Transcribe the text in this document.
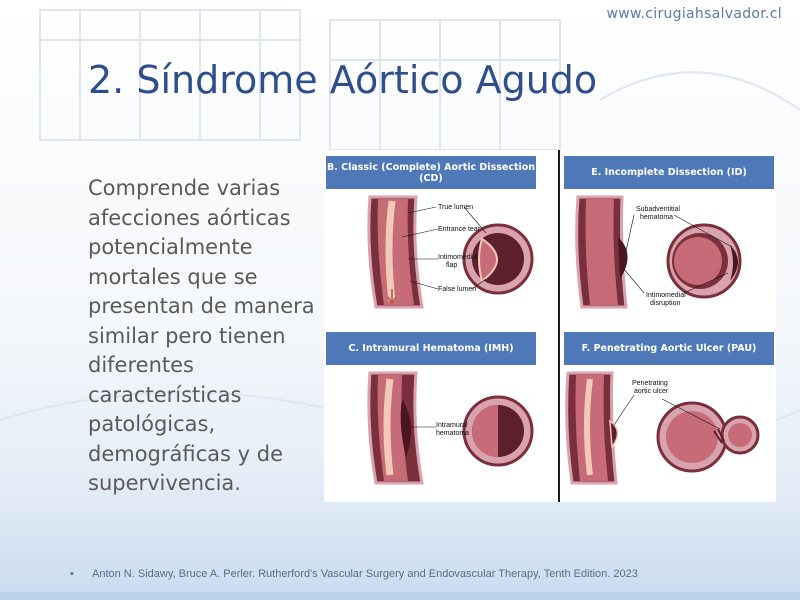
www.cirugiahsalvador.cl
2. Síndrome Aórtico Agudo

Comprende varias afecciones aórticas potencialmente mortales que se presentan de manera similar pero tienen diferentes características patológicas, demográficas y de supervivencia.

B. Classic (Complete) Aortic Dissection (CD)
True lumen
Entrance tear
Intimomedial
flap
False lumen
E. Incomplete Dissection (ID)
Subadventitial
hematoma
Intimomedial
disruption
C. Intramural Hematoma (IMH)
Intramural
hematoma
F. Penetrating Aortic Ulcer (PAU)
Penetrating
aortic ulcer
• Anton N. Sidawy, Bruce A. Perler. Rutherford's Vascular Surgery and Endovascular Therapy, Tenth Edition. 2023
